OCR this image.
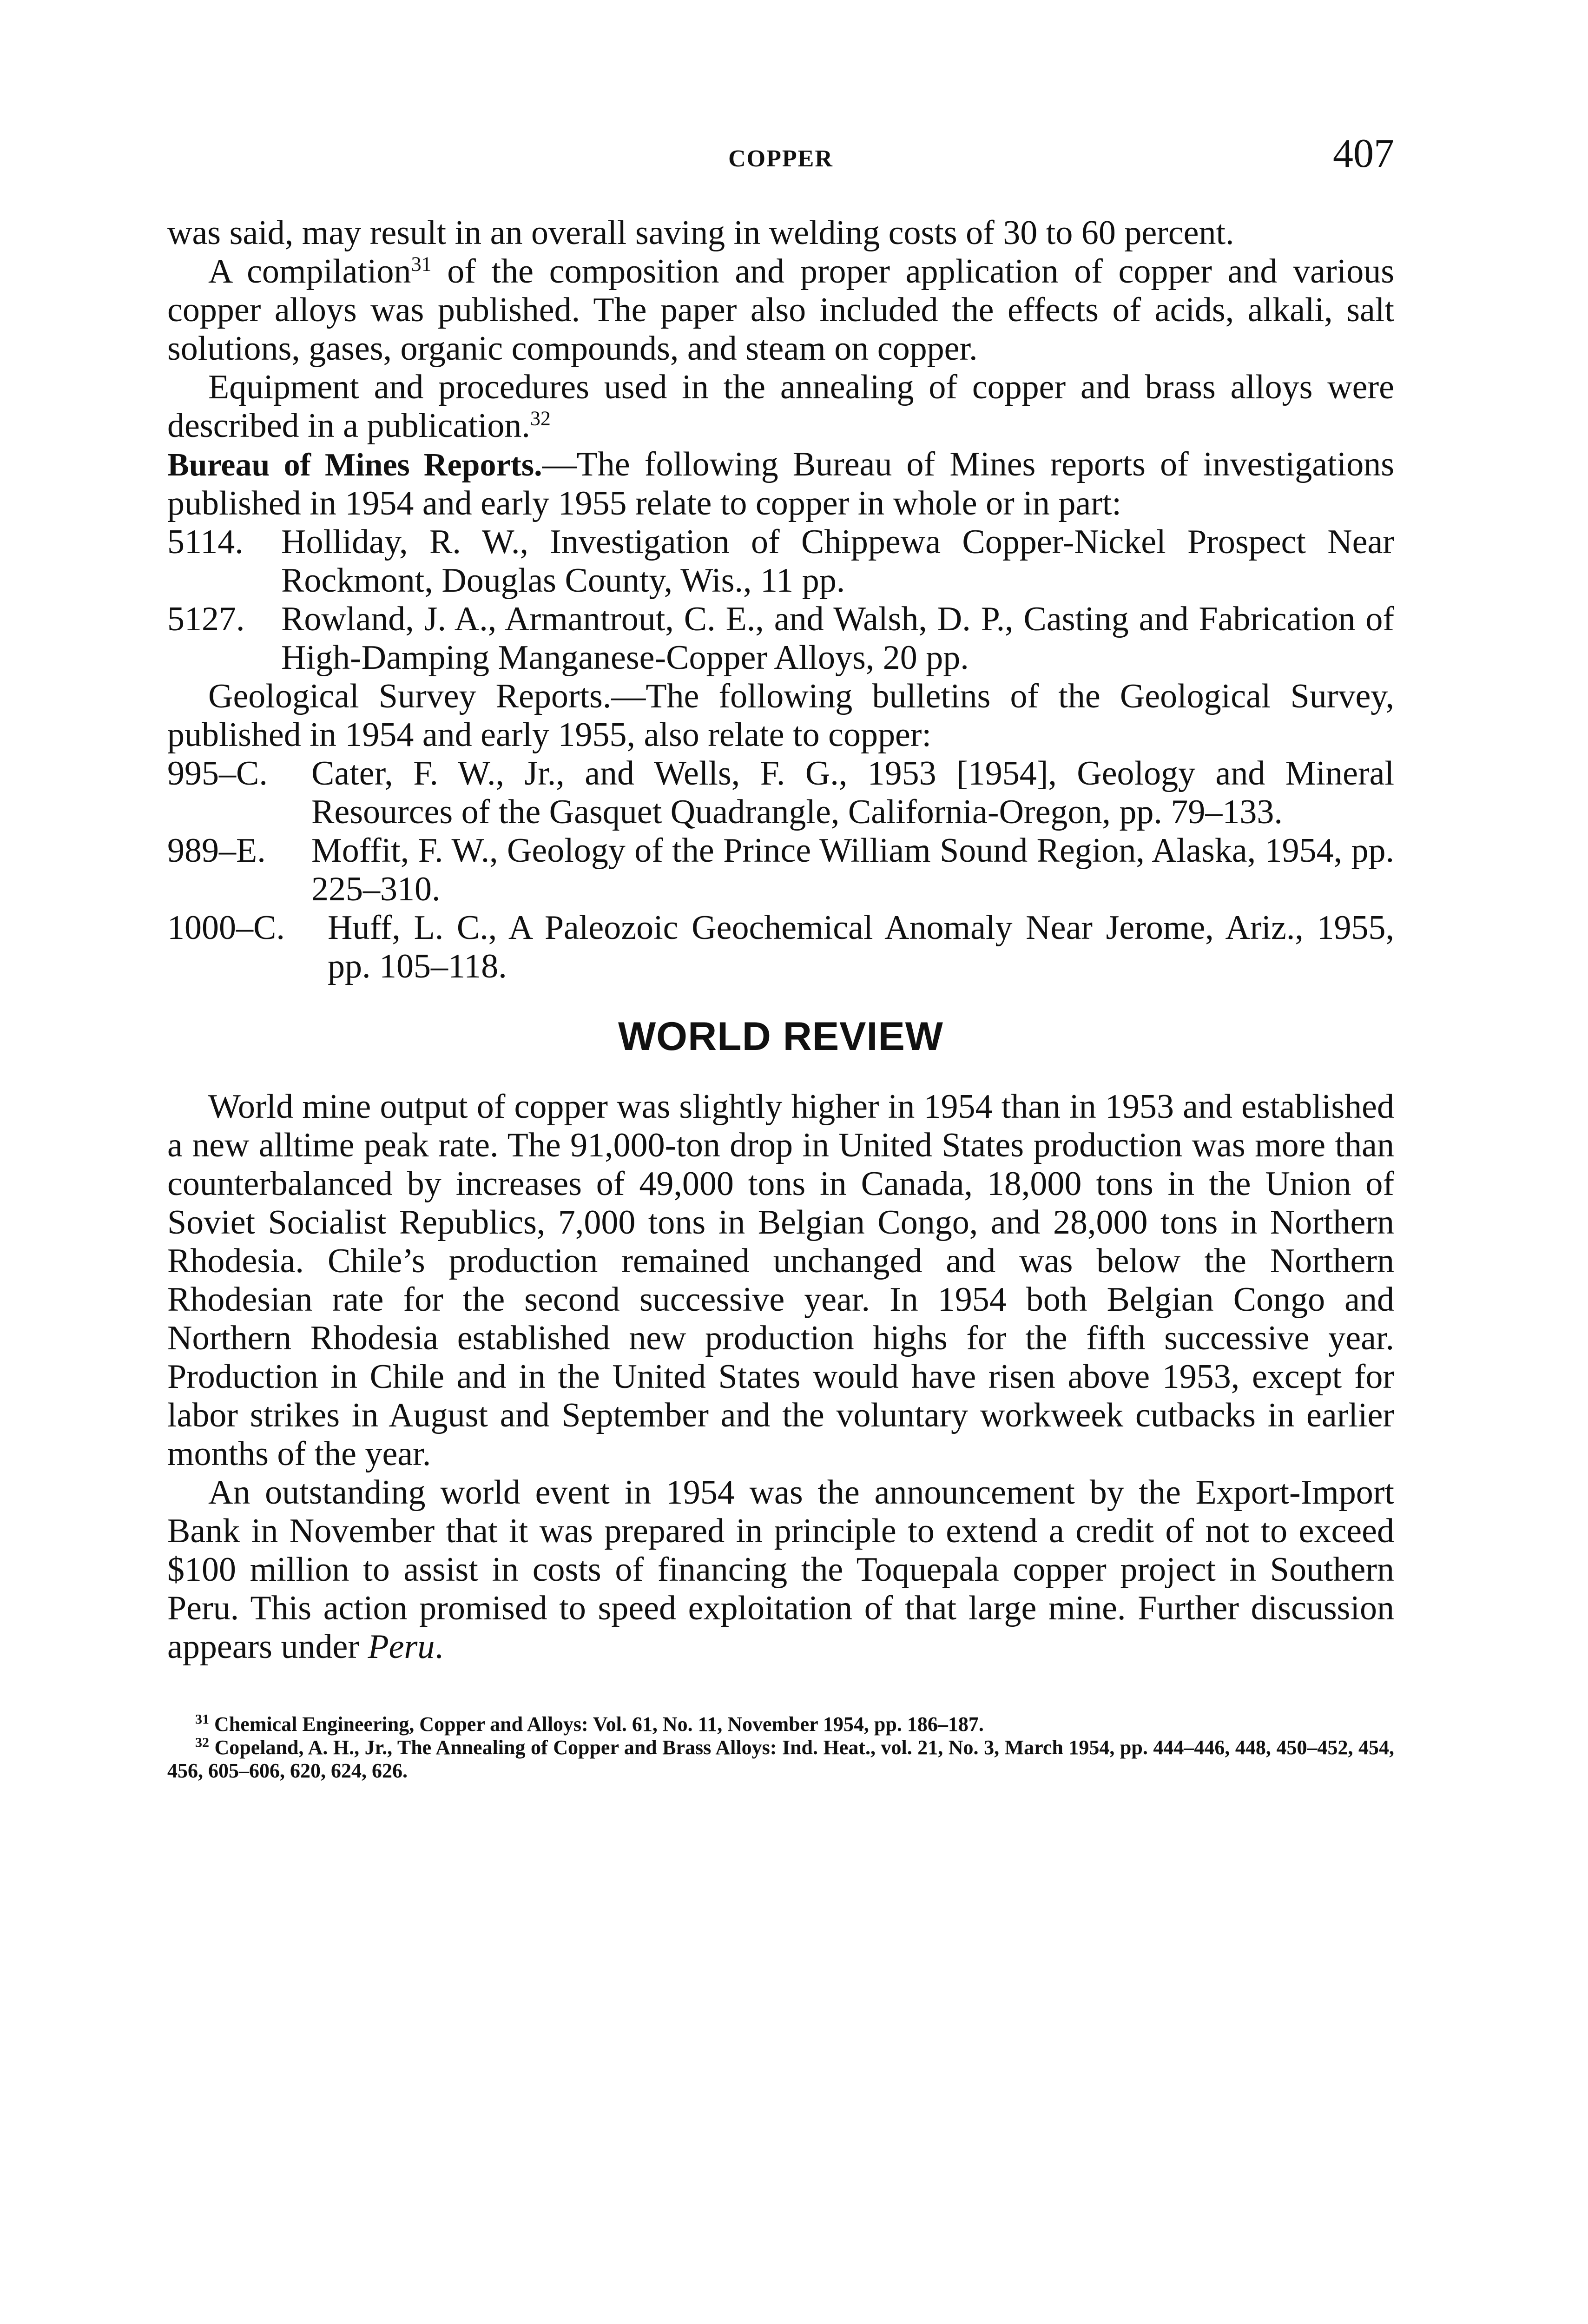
COPPER	407

was said, may result in an overall saving in welding costs of 30 to 60 percent.

A compilation$^{31}$ of the composition and proper application of copper and various copper alloys was published. The paper also included the effects of acids, alkali, salt solutions, gases, organic compounds, and steam on copper.

Equipment and procedures used in the annealing of copper and brass alloys were described in a publication.$^{32}$

Bureau of Mines Reports.—The following Bureau of Mines reports of investigations published in 1954 and early 1955 relate to copper in whole or in part:

5114.	Holliday, R. W., Investigation of Chippewa Copper-Nickel Prospect Near Rockmont, Douglas County, Wis., 11 pp.
5127.	Rowland, J. A., Armantrout, C. E., and Walsh, D. P., Casting and Fabrication of High-Damping Manganese-Copper Alloys, 20 pp.

Geological Survey Reports.—The following bulletins of the Geological Survey, published in 1954 and early 1955, also relate to copper:

995–C.	Cater, F. W., Jr., and Wells, F. G., 1953 [1954], Geology and Mineral Resources of the Gasquet Quadrangle, California-Oregon, pp. 79–133.
989–E.	Moffit, F. W., Geology of the Prince William Sound Region, Alaska, 1954, pp. 225–310.
1000–C.	Huff, L. C., A Paleozoic Geochemical Anomaly Near Jerome, Ariz., 1955, pp. 105–118.
WORLD REVIEW

World mine output of copper was slightly higher in 1954 than in 1953 and established a new alltime peak rate. The 91,000-ton drop in United States production was more than counterbalanced by increases of 49,000 tons in Canada, 18,000 tons in the Union of Soviet Socialist Republics, 7,000 tons in Belgian Congo, and 28,000 tons in Northern Rhodesia. Chile’s production remained unchanged and was below the Northern Rhodesian rate for the second successive year. In 1954 both Belgian Congo and Northern Rhodesia established new production highs for the fifth successive year. Production in Chile and in the United States would have risen above 1953, except for labor strikes in August and September and the voluntary workweek cutbacks in earlier months of the year.

An outstanding world event in 1954 was the announcement by the Export-Import Bank in November that it was prepared in principle to extend a credit of not to exceed $100 million to assist in costs of financing the Toquepala copper project in Southern Peru. This action promised to speed exploitation of that large mine. Further discussion appears under Peru.

$^{31}$ Chemical Engineering, Copper and Alloys: Vol. 61, No. 11, November 1954, pp. 186–187.

$^{32}$ Copeland, A. H., Jr., The Annealing of Copper and Brass Alloys: Ind. Heat., vol. 21, No. 3, March 1954, pp. 444–446, 448, 450–452, 454, 456, 605–606, 620, 624, 626.
